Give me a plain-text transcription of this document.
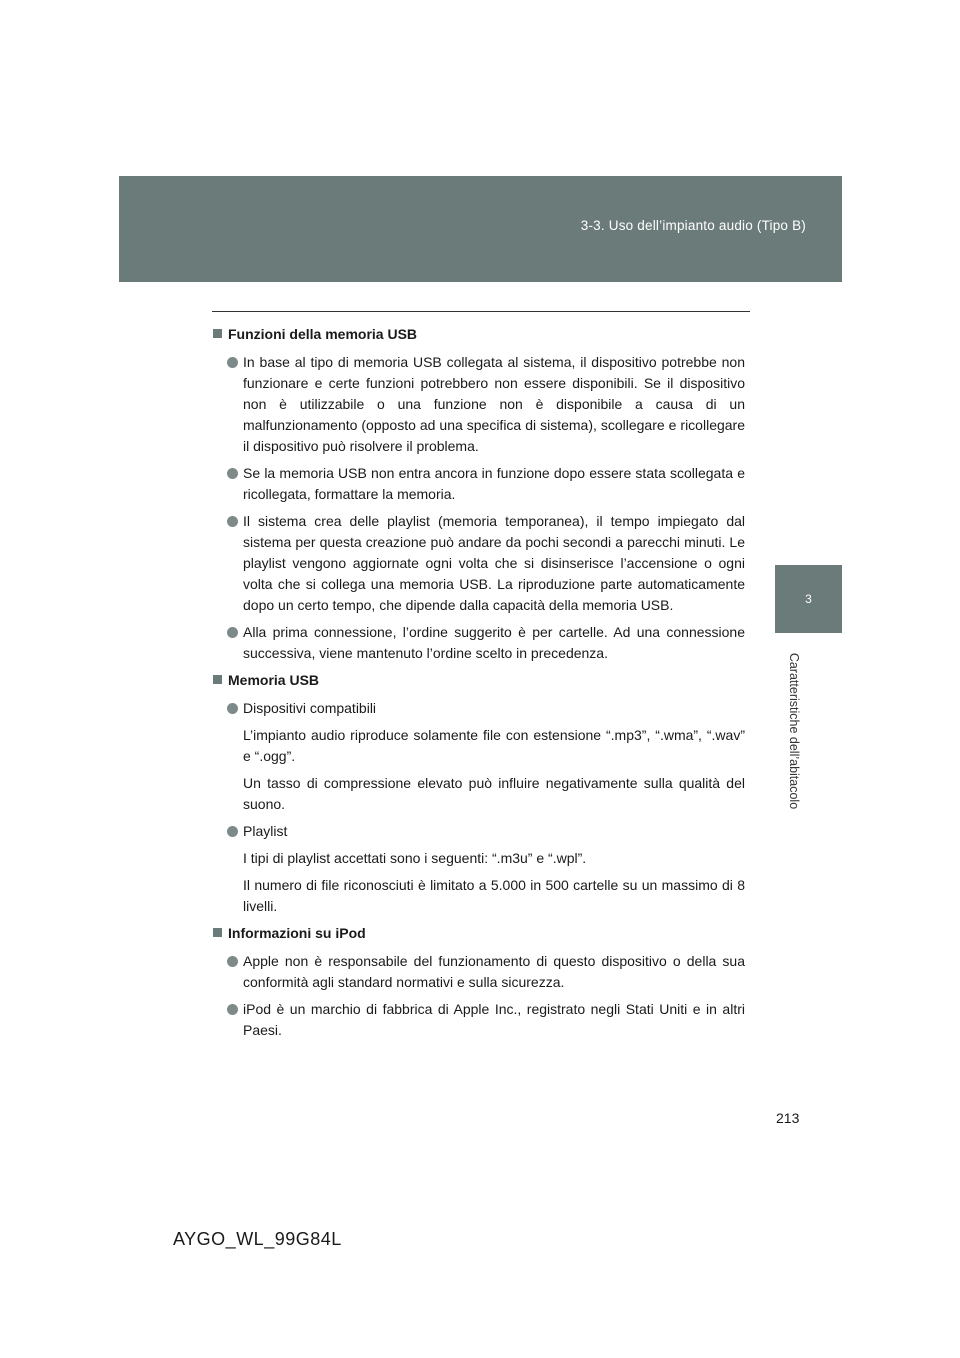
3-3. Uso dell’impianto audio (Tipo B)
3
Caratteristiche dell’abitacolo
Funzioni della memoria USB

In base al tipo di memoria USB collegata al sistema, il dispositivo potrebbe non funzionare e certe funzioni potrebbero non essere disponibili. Se il dispositivo non è utilizzabile o una funzione non è disponibile a causa di un malfunzionamento (opposto ad una specifica di sistema), scollegare e ricollegare il dispositivo può risolvere il problema.

Se la memoria USB non entra ancora in funzione dopo essere stata scollegata e ricollegata, formattare la memoria.

Il sistema crea delle playlist (memoria temporanea), il tempo impiegato dal sistema per questa creazione può andare da pochi secondi a parecchi minuti. Le playlist vengono aggiornate ogni volta che si disinserisce l’accensione o ogni volta che si collega una memoria USB. La riproduzione parte automaticamente dopo un certo tempo, che dipende dalla capacità della memoria USB.

Alla prima connessione, l’ordine suggerito è per cartelle. Ad una connessione successiva, viene mantenuto l’ordine scelto in precedenza.

Memoria USB

Dispositivi compatibili

L’impianto audio riproduce solamente file con estensione “.mp3”, “.wma”, “.wav” e “.ogg”.

Un tasso di compressione elevato può influire negativamente sulla qualità del suono.

Playlist

I tipi di playlist accettati sono i seguenti: “.m3u” e “.wpl”.

Il numero di file riconosciuti è limitato a 5.000 in 500 cartelle su un massimo di 8 livelli.

Informazioni su iPod

Apple non è responsabile del funzionamento di questo dispositivo o della sua conformità agli standard normativi e sulla sicurezza.

iPod è un marchio di fabbrica di Apple Inc., registrato negli Stati Uniti e in altri Paesi.

213
AYGO_WL_99G84L
